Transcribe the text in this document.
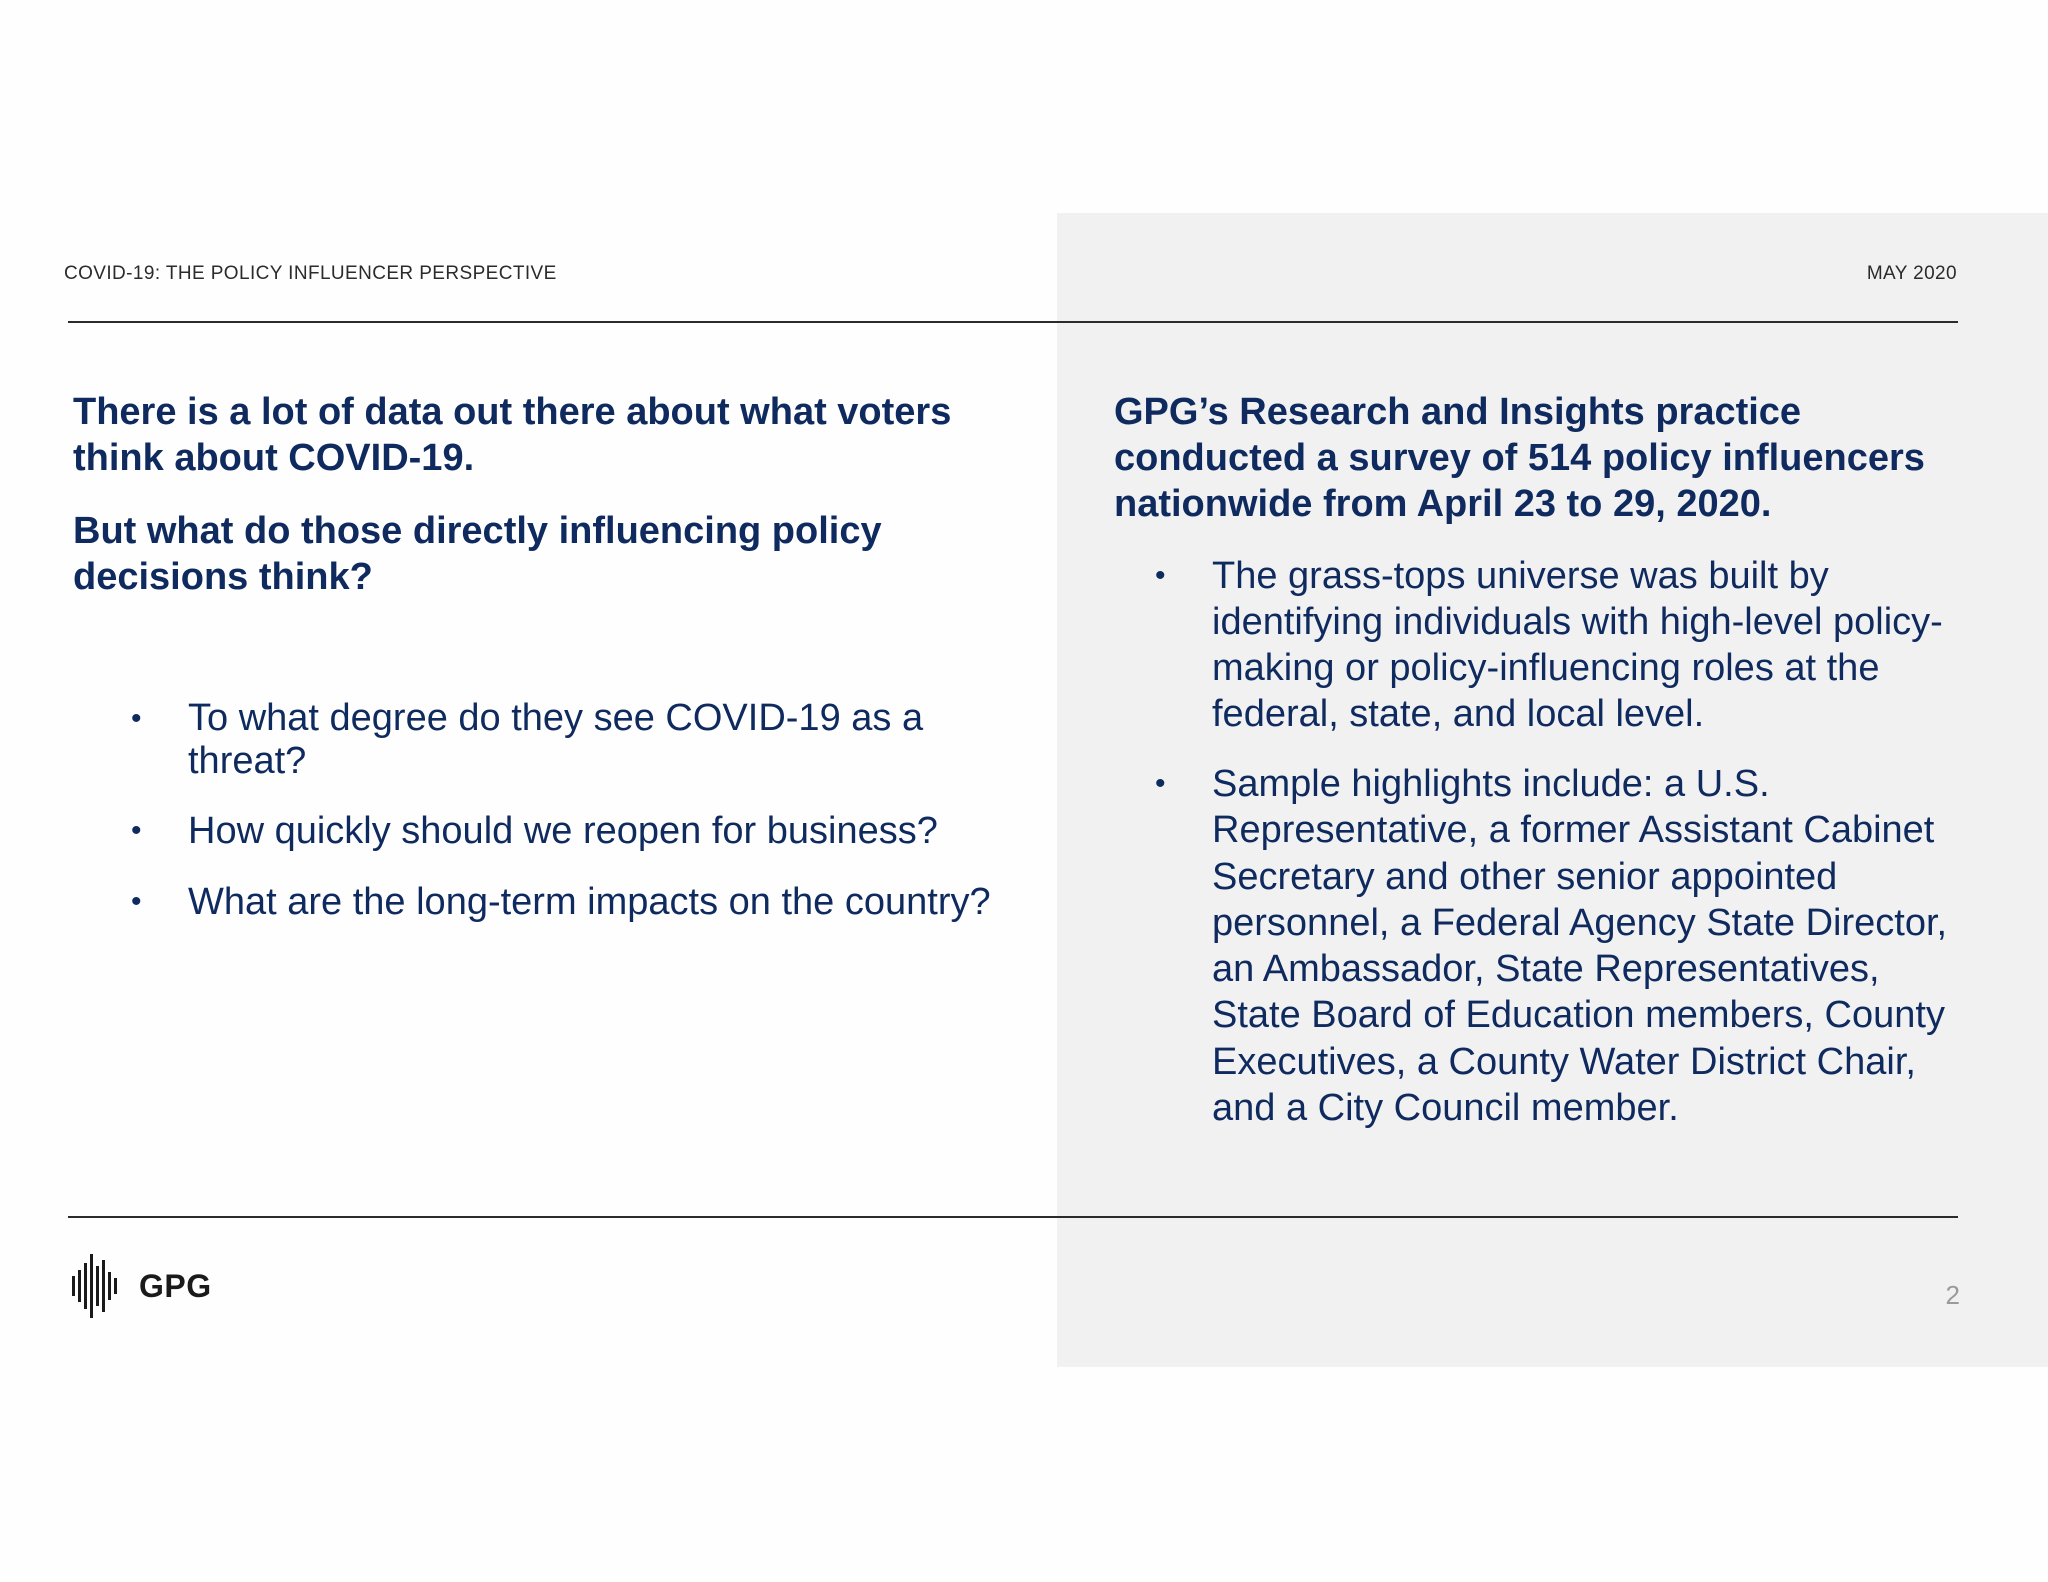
COVID-19: THE POLICY INFLUENCER PERSPECTIVE	MAY 2020
There is a lot of data out there about what voters think about COVID-19.
But what do those directly influencing policy decisions think?
• To what degree do they see COVID-19 as a threat?
• How quickly should we reopen for business?
• What are the long-term impacts on the country?
GPG’s Research and Insights practice conducted a survey of 514 policy influencers nationwide from April 23 to 29, 2020.
• The grass-tops universe was built by identifying individuals with high-level policy-making or policy-influencing roles at the federal, state, and local level.
• Sample highlights include: a U.S. Representative, a former Assistant Cabinet Secretary and other senior appointed personnel, a Federal Agency State Director, an Ambassador, State Representatives, State Board of Education members, County Executives, a County Water District Chair, and a City Council member.
GPG	2
